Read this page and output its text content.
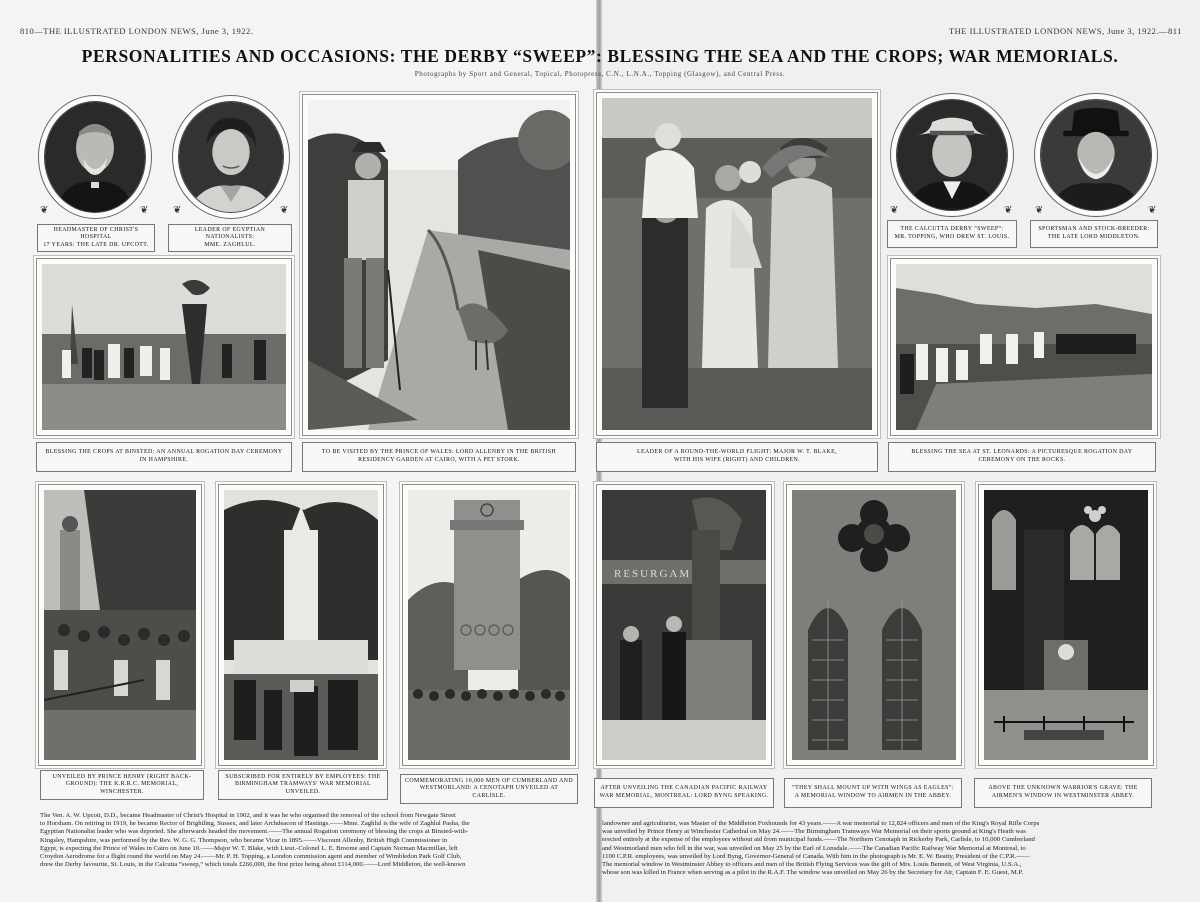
810—THE ILLUSTRATED LONDON NEWS, June 3, 1922.	THE ILLUSTRATED LONDON NEWS, June 3, 1922.—811
PERSONALITIES AND OCCASIONS: THE DERBY “SWEEP”: BLESSING THE SEA AND THE CROPS; WAR MEMORIALS.
Photographs by Sport and General, Topical, Photopress, C.N., L.N.A., Topping (Glasgow), and Central Press.
❦	❦ ❦	❦	❦	❦ ❦	❦
HEADMASTER OF CHRIST'S HOSPITAL
17 YEARS: THE LATE DR. UPCOTT.
LEADER OF EGYPTIAN NATIONALISTS:
MME. ZAGHLUL.
THE CALCUTTA DERBY “SWEEP”:
MR. TOPPING, WHO DREW ST. LOUIS.
SPORTSMAN AND STOCK-BREEDER:
THE LATE LORD MIDDLETON.
BLESSING THE CROPS AT BINSTED: AN ANNUAL ROGATION DAY CEREMONY
IN HAMPSHIRE.
TO BE VISITED BY THE PRINCE OF WALES: LORD ALLENBY IN THE BRITISH
RESIDENCY GARDEN AT CAIRO, WITH A PET STORK.
LEADER OF A ROUND-THE-WORLD FLIGHT: MAJOR W. T. BLAKE,
WITH HIS WIFE (RIGHT) AND CHILDREN.
BLESSING THE SEA AT ST. LEONARDS: A PICTURESQUE ROGATION DAY
CEREMONY ON THE ROCKS.
RESURGAM
UNVEILED BY PRINCE HENRY (RIGHT BACK-
GROUND): THE K.R.R.C. MEMORIAL, WINCHESTER.
SUBSCRIBED FOR ENTIRELY BY EMPLOYEES: THE
BIRMINGHAM TRAMWAYS' WAR MEMORIAL UNVEILED.
COMMEMORATING 10,000 MEN OF CUMBERLAND AND
WESTMORLAND: A CENOTAPH UNVEILED AT CARLISLE.
AFTER UNVEILING THE CANADIAN PACIFIC RAILWAY
WAR MEMORIAL, MONTREAL: LORD BYNG SPEAKING.
“THEY SHALL MOUNT UP WITH WINGS AS EAGLES”:
A MEMORIAL WINDOW TO AIRMEN IN THE ABBEY.
ABOVE THE UNKNOWN WARRIOR'S GRAVE: THE
AIRMEN'S WINDOW IN WESTMINSTER ABBEY.
The Ven. A. W. Upcott, D.D., became Headmaster of Christ's Hospital in 1902, and it was he who organised the removal of the school from Newgate Street
to Horsham. On retiring in 1919, he became Rector of Brightling, Sussex, and later Archdeacon of Hastings.——Mme. Zaghlul is the wife of Zaghlul Pasha, the
Egyptian Nationalist leader who was deported. She afterwards headed the movement.——The annual Rogation ceremony of blessing the crops at Binsted-with-
Kingsley, Hampshire, was performed by the Rev. W. G. G. Thompson, who became Vicar in 1895.——Viscount Allenby, British High Commissioner in
Egypt, is expecting the Prince of Wales in Cairo on June 10.——Major W. T. Blake, with Lieut.-Colonel L. E. Broome and Captain Norman Macmillan, left
Croydon Aerodrome for a flight round the world on May 24.——Mr. P. H. Topping, a London commission agent and member of Wimbledon Park Golf Club,
drew the Derby favourite, St. Louis, in the Calcutta “sweep,” which totals £266,000, the first prize being about £114,000.——Lord Middleton, the well-known
landowner and agriculturist, was Master of the Middleton Foxhounds for 43 years.——A war memorial to 12,824 officers and men of the King's Royal Rifle Corps
was unveiled by Prince Henry at Winchester Cathedral on May 24.——The Birmingham Tramways War Memorial on their sports ground at King's Heath was
erected entirely at the expense of the employees without aid from municipal funds.——The Northern Cenotaph in Rickerby Park, Carlisle, to 10,000 Cumberland
and Westmorland men who fell in the war, was unveiled on May 25 by the Earl of Lonsdale.——The Canadian Pacific Railway War Memorial at Montreal, to
1100 C.P.R. employees, was unveiled by Lord Byng, Governor-General of Canada. With him in the photograph is Mr. E. W. Beatty, President of the C.P.R.——
The memorial window in Westminster Abbey to officers and men of the British Flying Services was the gift of Mrs. Louis Bennett, of West Virginia, U.S.A.,
whose son was killed in France when serving as a pilot in the R.A.F. The window was unveiled on May 26 by the Secretary for Air, Captain F. E. Guest, M.P.
